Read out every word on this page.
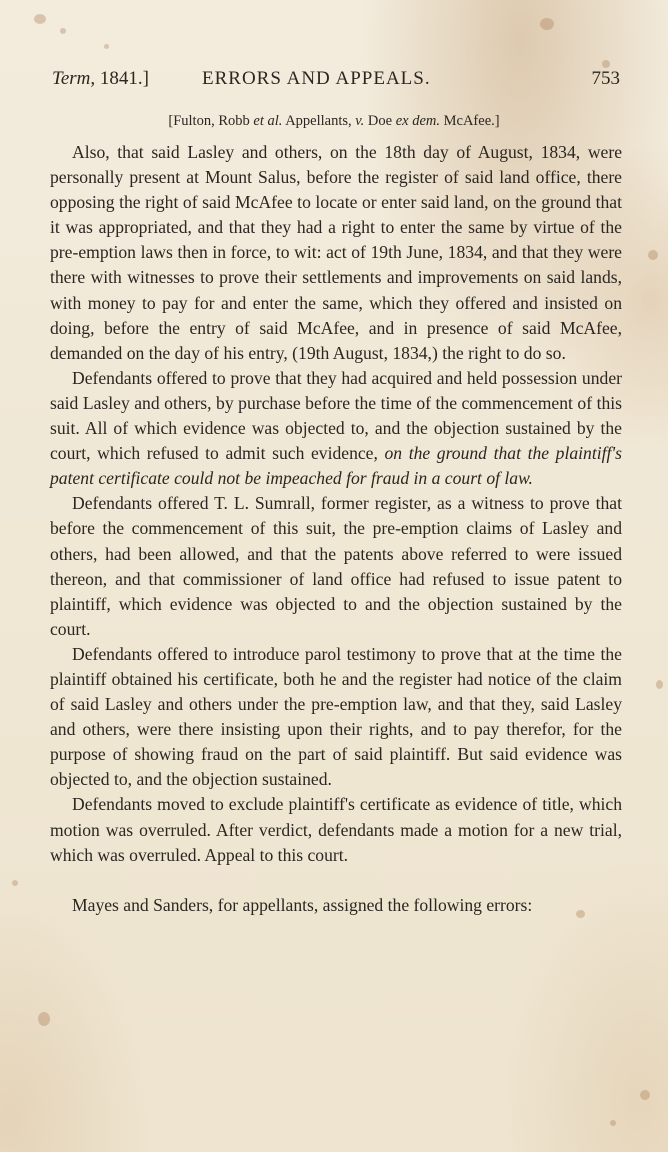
Term, 1841.]	ERRORS AND APPEALS.	753
[Fulton, Robb et al. Appellants, v. Doe ex dem. McAfee.]

Also, that said Lasley and others, on the 18th day of August, 1834, were personally present at Mount Salus, before the register of said land office, there opposing the right of said McAfee to locate or enter said land, on the ground that it was appropriated, and that they had a right to enter the same by virtue of the pre-emption laws then in force, to wit: act of 19th June, 1834, and that they were there with witnesses to prove their settlements and improvements on said lands, with money to pay for and enter the same, which they offered and insisted on doing, before the entry of said McAfee, and in presence of said McAfee, demanded on the day of his entry, (19th August, 1834,) the right to do so.

Defendants offered to prove that they had acquired and held possession under said Lasley and others, by purchase before the time of the commencement of this suit. All of which evidence was objected to, and the objection sustained by the court, which refused to admit such evidence, on the ground that the plaintiff's patent certificate could not be impeached for fraud in a court of law.

Defendants offered T. L. Sumrall, former register, as a witness to prove that before the commencement of this suit, the pre-emption claims of Lasley and others, had been allowed, and that the patents above referred to were issued thereon, and that commissioner of land office had refused to issue patent to plaintiff, which evidence was objected to and the objection sustained by the court.

Defendants offered to introduce parol testimony to prove that at the time the plaintiff obtained his certificate, both he and the register had notice of the claim of said Lasley and others under the pre-emption law, and that they, said Lasley and others, were there insisting upon their rights, and to pay therefor, for the purpose of showing fraud on the part of said plaintiff. But said evidence was objected to, and the objection sustained.

Defendants moved to exclude plaintiff's certificate as evidence of title, which motion was overruled. After verdict, defendants made a motion for a new trial, which was overruled. Appeal to this court.

Mayes and Sanders, for appellants, assigned the following errors:
